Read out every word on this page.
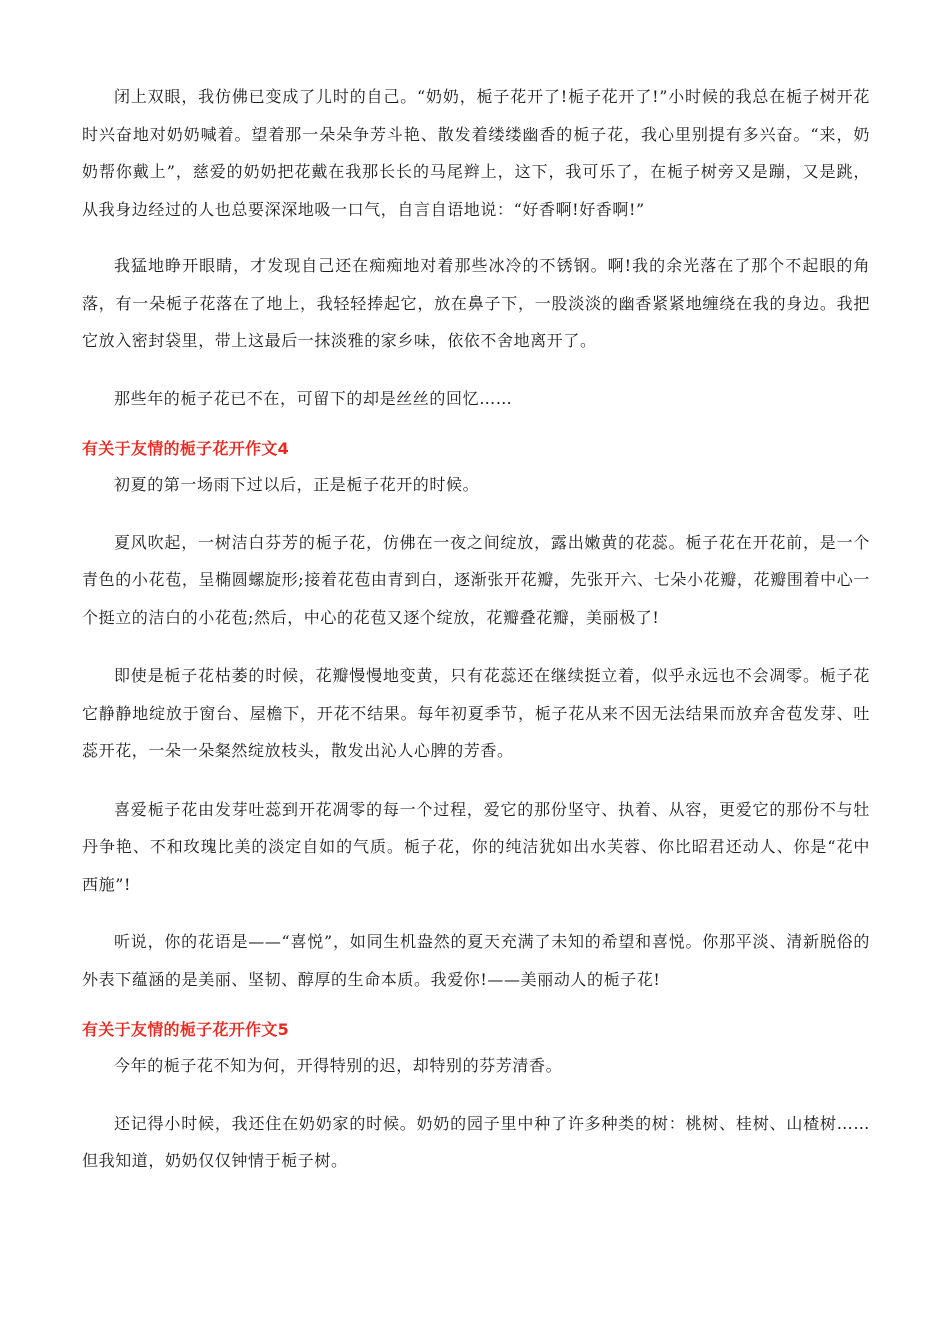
闭上双眼，我仿佛已变成了儿时的自己。“奶奶，栀子花开了!栀子花开了!”小时候的我总在栀子树开花时兴奋地对奶奶喊着。望着那一朵朵争芳斗艳、散发着缕缕幽香的栀子花，我心里别提有多兴奋。“来，奶奶帮你戴上”，慈爱的奶奶把花戴在我那长长的马尾辫上，这下，我可乐了，在栀子树旁又是蹦，又是跳，从我身边经过的人也总要深深地吸一口气，自言自语地说：“好香啊!好香啊!”

我猛地睁开眼睛，才发现自己还在痴痴地对着那些冰冷的不锈钢。啊!我的余光落在了那个不起眼的角落，有一朵栀子花落在了地上，我轻轻捧起它，放在鼻子下，一股淡淡的幽香紧紧地缠绕在我的身边。我把它放入密封袋里，带上这最后一抹淡雅的家乡味，依依不舍地离开了。

那些年的栀子花已不在，可留下的却是丝丝的回忆……

有关于友情的栀子花开作文4

初夏的第一场雨下过以后，正是栀子花开的时候。

夏风吹起，一树洁白芬芳的栀子花，仿佛在一夜之间绽放，露出嫩黄的花蕊。栀子花在开花前，是一个青色的小花苞，呈椭圆螺旋形;接着花苞由青到白，逐渐张开花瓣，先张开六、七朵小花瓣，花瓣围着中心一个挺立的洁白的小花苞;然后，中心的花苞又逐个绽放，花瓣叠花瓣，美丽极了!

即使是栀子花枯萎的时候，花瓣慢慢地变黄，只有花蕊还在继续挺立着，似乎永远也不会凋零。栀子花它静静地绽放于窗台、屋檐下，开花不结果。每年初夏季节，栀子花从来不因无法结果而放弃舍苞发芽、吐蕊开花，一朵一朵粲然绽放枝头，散发出沁人心脾的芳香。

喜爱栀子花由发芽吐蕊到开花凋零的每一个过程，爱它的那份坚守、执着、从容，更爱它的那份不与牡丹争艳、不和玫瑰比美的淡定自如的气质。栀子花，你的纯洁犹如出水芙蓉、你比昭君还动人、你是“花中西施”!

听说，你的花语是——“喜悦”，如同生机盎然的夏天充满了未知的希望和喜悦。你那平淡、清新脱俗的外表下蕴涵的是美丽、坚韧、醇厚的生命本质。我爱你!——美丽动人的栀子花!

有关于友情的栀子花开作文5

今年的栀子花不知为何，开得特别的迟，却特别的芬芳清香。

还记得小时候，我还住在奶奶家的时候。奶奶的园子里中种了许多种类的树：桃树、桂树、山楂树……但我知道，奶奶仅仅钟情于栀子树。
